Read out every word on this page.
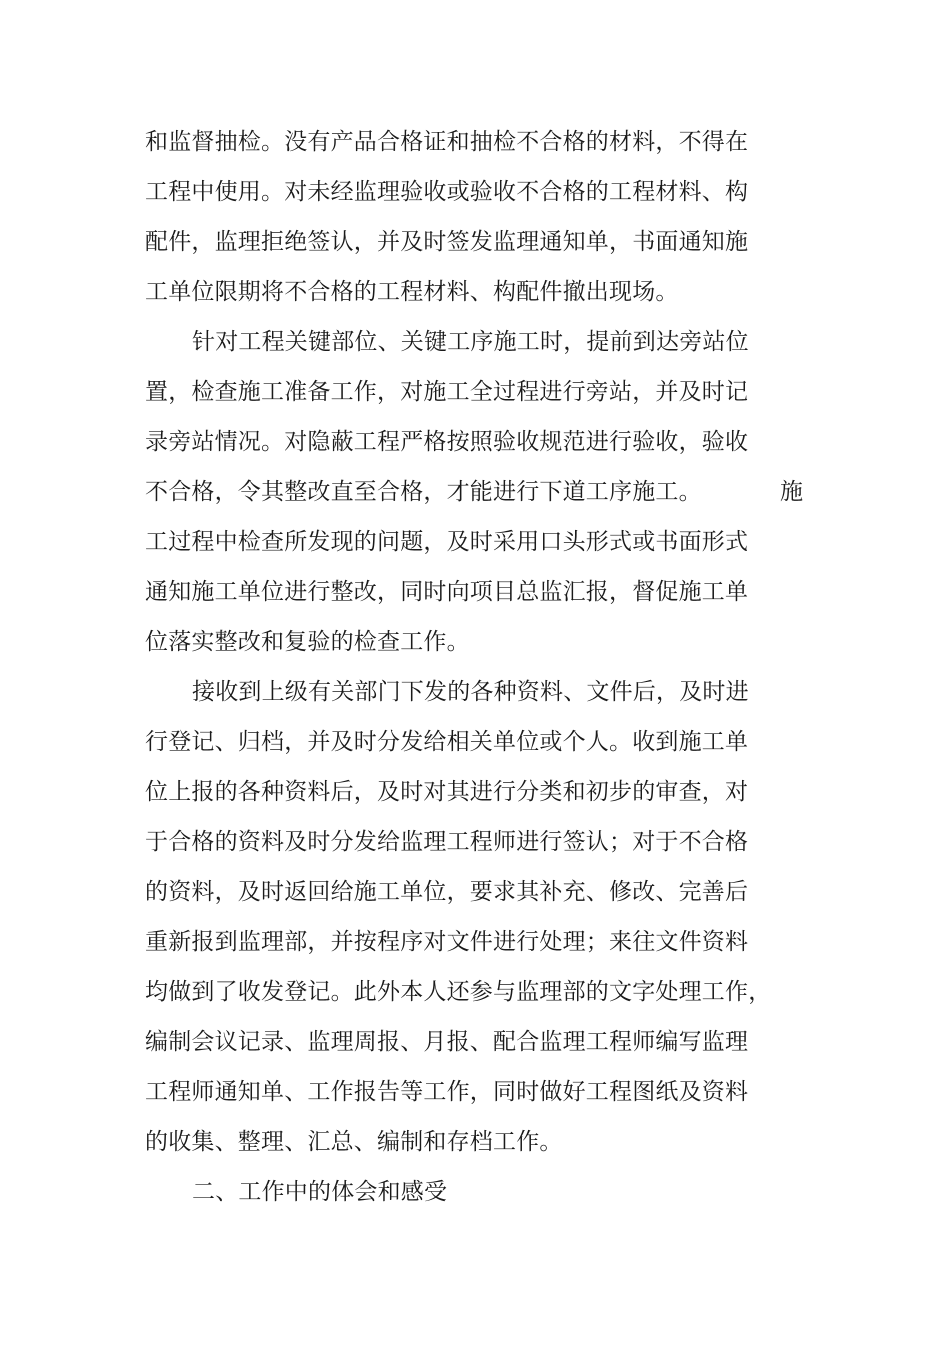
和监督抽检。没有产品合格证和抽检不合格的材料，不得在
工程中使用。对未经监理验收或验收不合格的工程材料、构
配件，监理拒绝签认，并及时签发监理通知单，书面通知施
工单位限期将不合格的工程材料、构配件撤出现场。
针对工程关键部位、关键工序施工时，提前到达旁站位
置，检查施工准备工作，对施工全过程进行旁站，并及时记
录旁站情况。对隐蔽工程严格按照验收规范进行验收，验收
不合格，令其整改直至合格，才能进行下道工序施工。	施
工过程中检查所发现的问题，及时采用口头形式或书面形式
通知施工单位进行整改，同时向项目总监汇报，督促施工单
位落实整改和复验的检查工作。
接收到上级有关部门下发的各种资料、文件后，及时进
行登记、归档，并及时分发给相关单位或个人。收到施工单
位上报的各种资料后，及时对其进行分类和初步的审查，对
于合格的资料及时分发给监理工程师进行签认；对于不合格
的资料，及时返回给施工单位，要求其补充、修改、完善后
重新报到监理部，并按程序对文件进行处理；来往文件资料
均做到了收发登记。此外本人还参与监理部的文字处理工作，
编制会议记录、监理周报、月报、配合监理工程师编写监理
工程师通知单、工作报告等工作，同时做好工程图纸及资料
的收集、整理、汇总、编制和存档工作。
二、工作中的体会和感受
